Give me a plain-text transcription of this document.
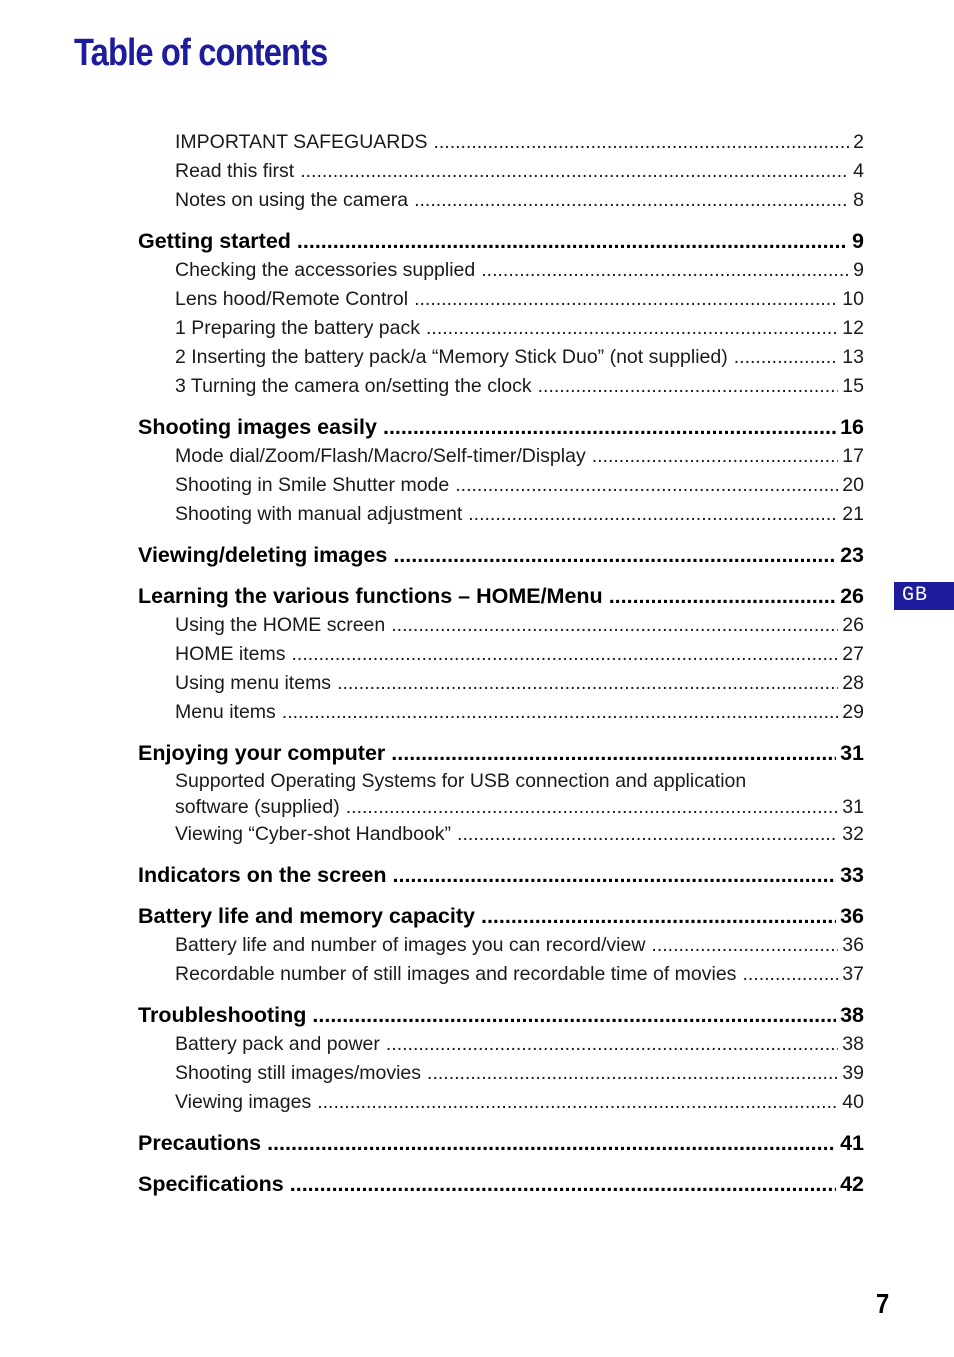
Table of contents
IMPORTANT SAFEGUARDS .....	2
Read this first .....	4
Notes on using the camera .....	8
Getting started .....	9
Checking the accessories supplied .....	9
Lens hood/Remote Control .....	10
1 Preparing the battery pack .....	12
2 Inserting the battery pack/a “Memory Stick Duo” (not supplied) .....	13
3 Turning the camera on/setting the clock .....	15
Shooting images easily .....	16
Mode dial/Zoom/Flash/Macro/Self-timer/Display .....	17
Shooting in Smile Shutter mode .....	20
Shooting with manual adjustment .....	21
Viewing/deleting images .....	23
Learning the various functions – HOME/Menu .....	26
Using the HOME screen .....	26
HOME items .....	27
Using menu items .....	28
Menu items .....	29
Enjoying your computer .....	31
Supported Operating Systems for USB connection and application
software (supplied) .....	31
Viewing “Cyber-shot Handbook” .....	32
Indicators on the screen .....	33
Battery life and memory capacity .....	36
Battery life and number of images you can record/view .....	36
Recordable number of still images and recordable time of movies .....	37
Troubleshooting .....	38
Battery pack and power .....	38
Shooting still images/movies .....	39
Viewing images .....	40
Precautions .....	41
Specifications .....	42
GB
7
